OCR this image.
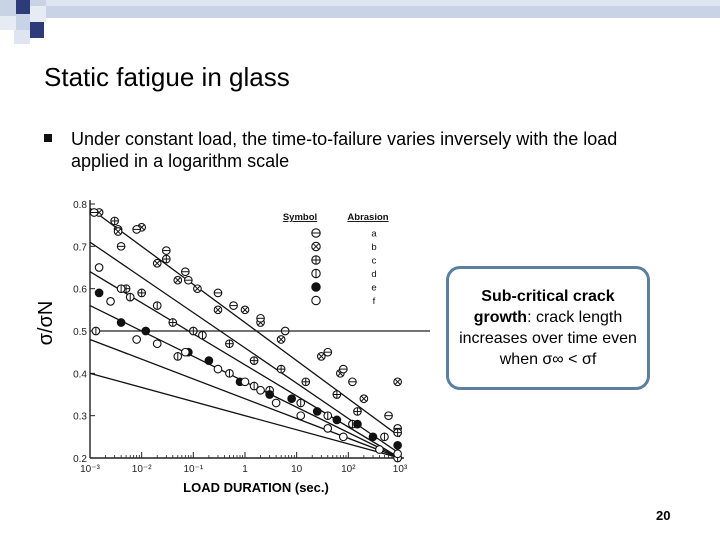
Static fatigue in glass
Under constant load, the time-to-failure varies inversely with the load applied in a logarithm scale
0.2
0.3
0.4
0.5
0.6
0.7
0.8
10⁻³	10⁻²	10⁻¹	1	10	10²	10³
Symbol	Abrasion
a
b
c
d
e
f
σ/σN
LOAD DURATION (sec.)
Sub-critical crack growth: crack length increases over time even when σ∞ < σf
20
